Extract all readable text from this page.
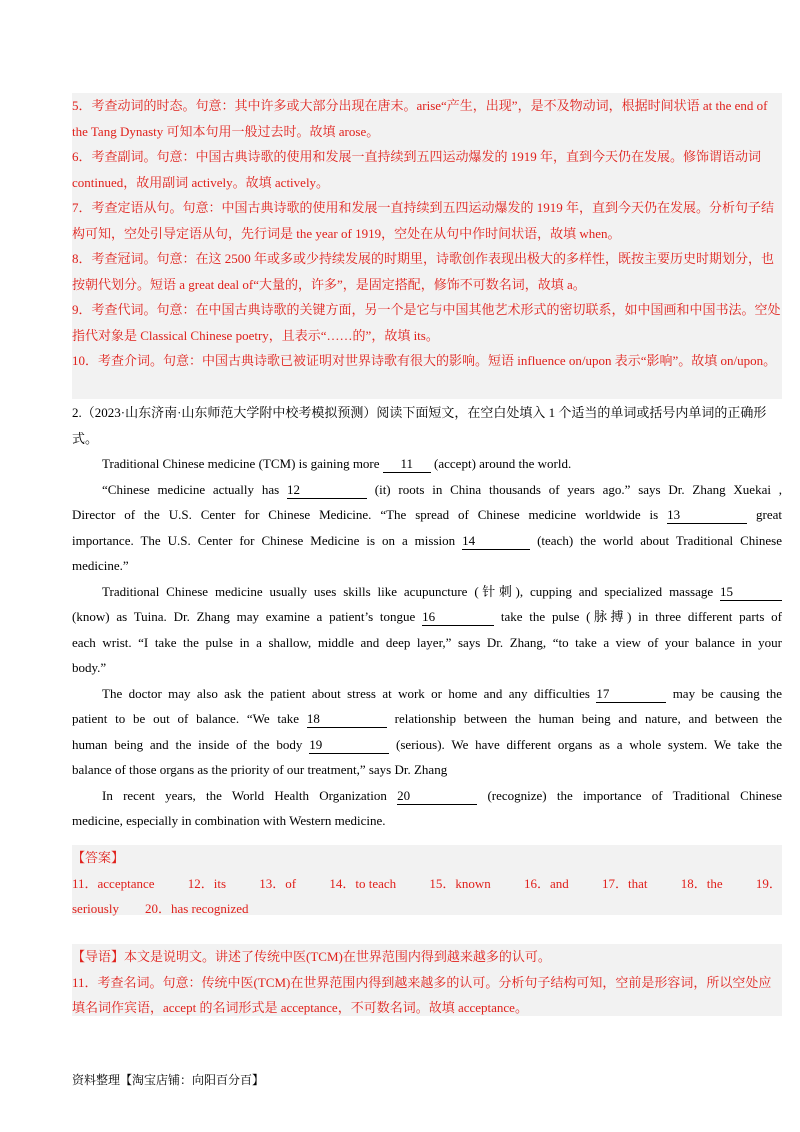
5．考查动词的时态。句意：其中许多或大部分出现在唐末。arise“产生，出现”，是不及物动词，根据时间状语 at the end of the Tang Dynasty 可知本句用一般过去时。故填 arose。

6．考查副词。句意：中国古典诗歌的使用和发展一直持续到五四运动爆发的 1919 年，直到今天仍在发展。修饰谓语动词 continued，故用副词 actively。故填 actively。

7．考查定语从句。句意：中国古典诗歌的使用和发展一直持续到五四运动爆发的 1919 年，直到今天仍在发展。分析句子结构可知，空处引导定语从句，先行词是 the year of 1919，空处在从句中作时间状语，故填 when。

8．考查冠词。句意：在这 2500 年或多或少持续发展的时期里，诗歌创作表现出极大的多样性，既按主要历史时期划分，也按朝代划分。短语 a great deal of“大量的，许多”，是固定搭配，修饰不可数名词，故填 a。

9．考查代词。句意：在中国古典诗歌的关键方面，另一个是它与中国其他艺术形式的密切联系，如中国画和中国书法。空处指代对象是 Classical Chinese poetry，且表示“……的”，故填 its。

10．考查介词。句意：中国古典诗歌已被证明对世界诗歌有很大的影响。短语 influence on/upon 表示“影响”。故填 on/upon。

2.（2023·山东济南·山东师范大学附中校考模拟预测）阅读下面短文，在空白处填入 1 个适当的单词或括号内单词的正确形式。

Traditional Chinese medicine (TCM) is gaining more 11 (accept) around the world.

“Chinese medicine actually has 12	(it) roots in China thousands of years ago.” says Dr. Zhang Xuekai ,

Director of the U.S. Center for Chinese Medicine. “The spread of Chinese medicine worldwide is 13	great

importance. The U.S. Center for Chinese Medicine is on a mission 14	(teach) the world about Traditional Chinese

medicine.”

Traditional Chinese medicine usually uses skills like acupuncture (针刺), cupping and specialized massage 15

(know) as Tuina. Dr. Zhang may examine a patient’s tongue 16	take the pulse (脉搏) in three different parts of

each wrist. “I take the pulse in a shallow, middle and deep layer,” says Dr. Zhang, “to take a view of your balance in your

body.”

The doctor may also ask the patient about stress at work or home and any difficulties 17	may be causing the

patient to be out of balance. “We take 18	relationship between the human being and nature, and between the

human being and the inside of the body 19	(serious). We have different organs as a whole system. We take the

balance of those organs as the priority of our treatment,” says Dr. Zhang

In recent years, the World Health Organization 20	(recognize) the importance of Traditional Chinese

medicine, especially in combination with Western medicine.

【答案】

11．acceptance	12．its	13．of	14．to teach	15．known	16．and	17．that	18．the	19．

seriously　　20．has recognized

【导语】本文是说明文。讲述了传统中医(TCM)在世界范围内得到越来越多的认可。

11．考查名词。句意：传统中医(TCM)在世界范围内得到越来越多的认可。分析句子结构可知，空前是形容词，所以空处应填名词作宾语，accept 的名词形式是 acceptance，不可数名词。故填 acceptance。

资料整理【淘宝店铺：向阳百分百】
